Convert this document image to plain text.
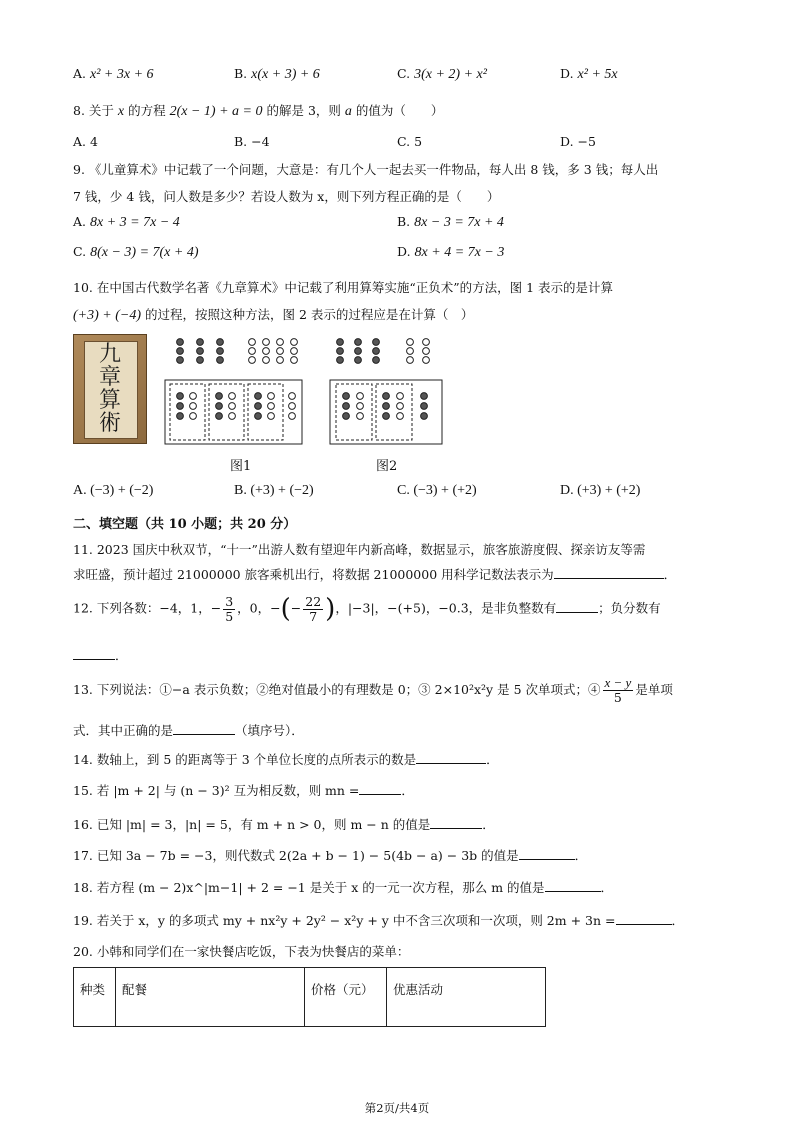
A. x² + 3x + 6	B. x(x + 3) + 6	C. 3(x + 2) + x²	D. x² + 5x
8. 关于 x 的方程 2(x − 1) + a = 0 的解是 3，则 a 的值为（　　）
A. 4	B. −4	C. 5	D. −5
9. 《儿童算术》中记载了一个问题，大意是：有几个人一起去买一件物品，每人出 8 钱，多 3 钱；每人出
7 钱，少 4 钱，问人数是多少？若设人数为 x，则下列方程正确的是（　　）
A. 8x + 3 = 7x − 4	B. 8x − 3 = 7x + 4
C. 8(x − 3) = 7(x + 4)	D. 8x + 4 = 7x − 3
10. 在中国古代数学名著《九章算术》中记载了利用算筹实施“正负术”的方法，图 1 表示的是计算
(+3) + (−4) 的过程，按照这种方法，图 2 表示的过程应是在计算（　）
九章算術
图1	图2
A. (−3) + (−2)	B. (+3) + (−2)	C. (−3) + (+2)	D. (+3) + (+2)
二、填空题（共 10 小题；共 20 分）
11. 2023 国庆中秋双节，“十一”出游人数有望迎年内新高峰，数据显示，旅客旅游度假、探亲访友等需
求旺盛，预计超过 21000000 旅客乘机出行，将数据 21000000 用科学记数法表示为	．
12. 下列各数：−4，1，− $\frac{3}{5}$ ，0，−(− $\frac{22}{7}$ )，|−3|，−(+5)，−0.3̇，是非负整数有	；负分数有
．
13. 下列说法：①−a 表示负数；②绝对值最小的有理数是 0；③ 2×10²x²y 是 5 次单项式；④ $\frac{x - y}{5}$ 是单项
式．其中正确的是	（填序号）．
14. 数轴上，到 5 的距离等于 3 个单位长度的点所表示的数是	．
15. 若 |m + 2| 与 (n − 3)² 互为相反数，则 mn =	．
16. 已知 |m| = 3，|n| = 5，有 m + n > 0，则 m − n 的值是	．
17. 已知 3a − 7b = −3，则代数式 2(2a + b − 1) − 5(4b − a) − 3b 的值是	．
18. 若方程 (m − 2)x^|m−1| + 2 = −1 是关于 x 的一元一次方程，那么 m 的值是	．
19. 若关于 x，y 的多项式 my + nx²y + 2y² − x²y + y 中不含三次项和一次项，则 2m + 3n =	．
20. 小韩和同学们在一家快餐店吃饭，下表为快餐店的菜单：
种类	配餐	价格（元）	优惠活动
第2页/共4页
